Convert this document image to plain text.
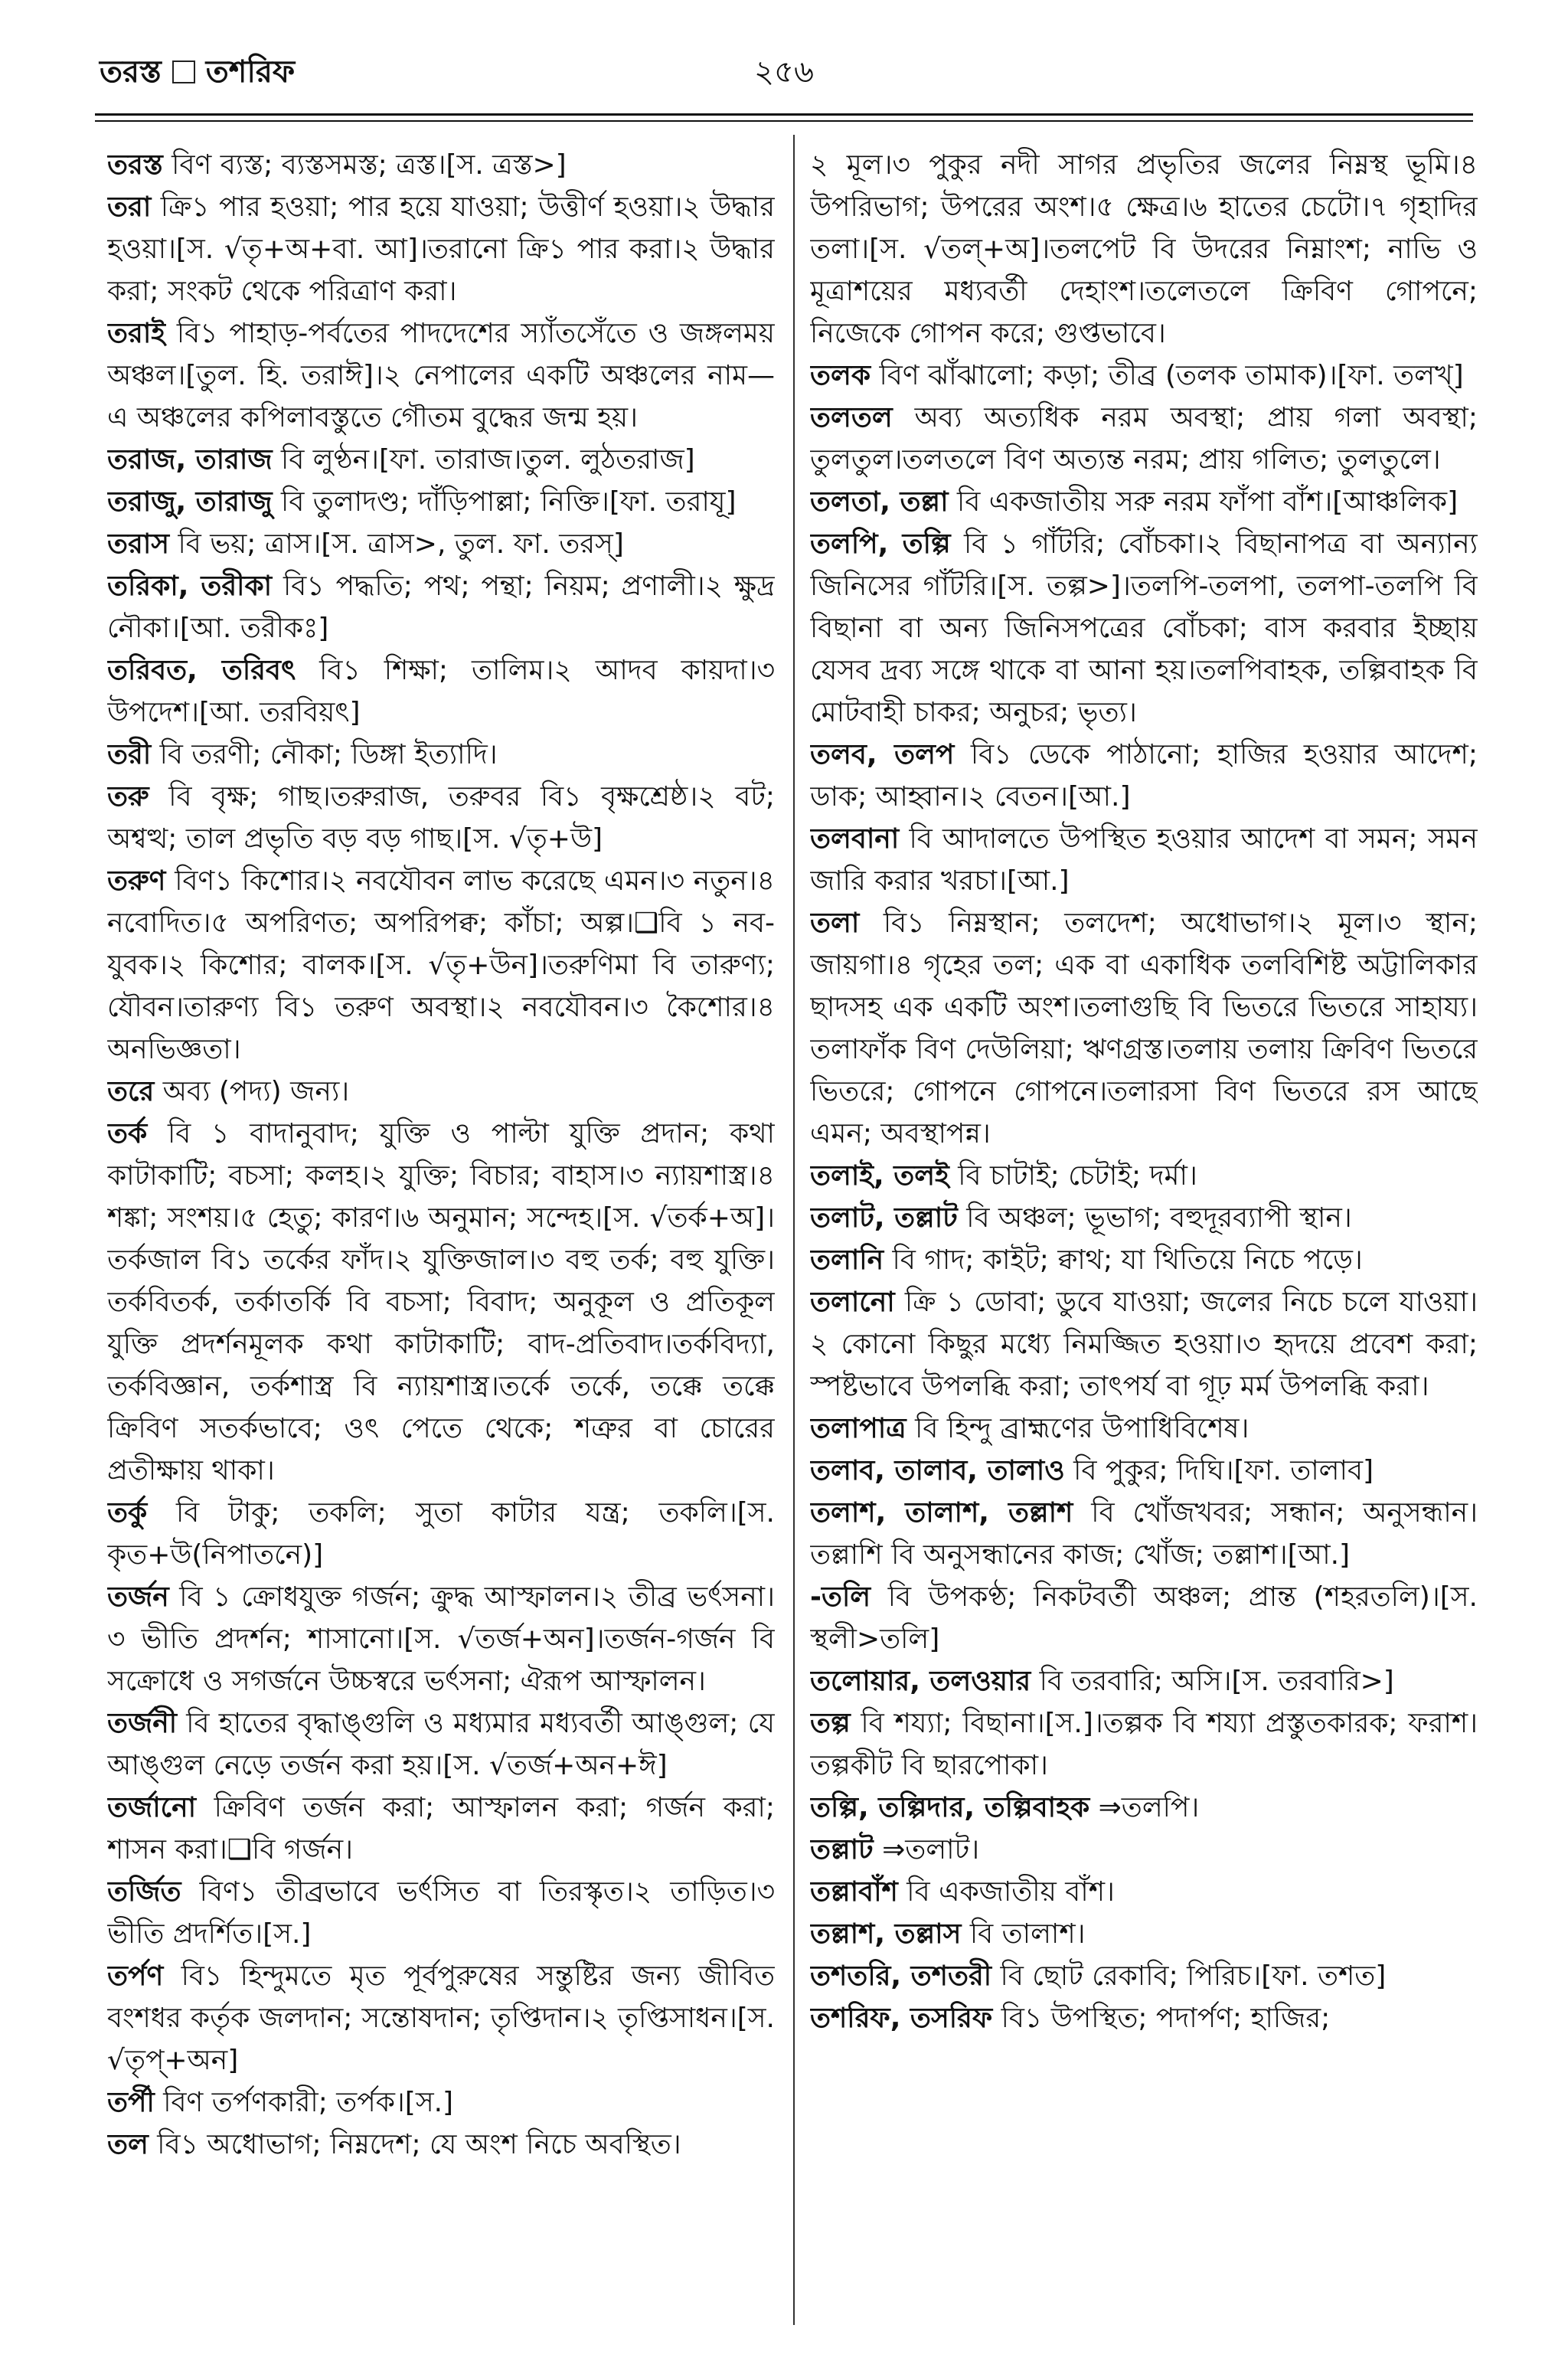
তরস্ত তশরিফ	২৫৬

তরস্ত বিণ ব্যস্ত; ব্যস্তসমস্ত; ত্রস্ত।[স. ত্রস্ত>]

তরা ক্রি১ পার হওয়া; পার হয়ে যাওয়া; উত্তীর্ণ হওয়া।২ উদ্ধার হওয়া।[স. √তৃ+অ+বা. আ]।তরানো ক্রি১ পার করা।২ উদ্ধার করা; সংকট থেকে পরিত্রাণ করা।

তরাই বি১ পাহাড়-পর্বতের পাদদেশের স্যাঁতসেঁতে ও জঙ্গলময় অঞ্চল।[তুল. হি. তরাঈ]।২ নেপালের একটি অঞ্চলের নাম—এ অঞ্চলের কপিলাবস্তুতে গৌতম বুদ্ধের জন্ম হয়।

তরাজ, তারাজ বি লুণ্ঠন।[ফা. তারাজ।তুল. লুঠতরাজ]

তরাজু, তারাজু বি তুলাদণ্ড; দাঁড়িপাল্লা; নিক্তি।[ফা. তরাযূ]

তরাস বি ভয়; ত্রাস।[স. ত্রাস>, তুল. ফা. তরস্]

তরিকা, তরীকা বি১ পদ্ধতি; পথ; পন্থা; নিয়ম; প্রণালী।২ ক্ষুদ্র নৌকা।[আ. তরীকঃ]

তরিবত, তরিবৎ বি১ শিক্ষা; তালিম।২ আদব কায়দা।৩ উপদেশ।[আ. তরবিয়ৎ]

তরী বি তরণী; নৌকা; ডিঙ্গা ইত্যাদি।

তরু বি বৃক্ষ; গাছ।তরুরাজ, তরুবর বি১ বৃক্ষশ্রেষ্ঠ।২ বট; অশ্বত্থ; তাল প্রভৃতি বড় বড় গাছ।[স. √তৃ+উ]

তরুণ বিণ১ কিশোর।২ নবযৌবন লাভ করেছে এমন।৩ নতুন।৪ নবোদিত।৫ অপরিণত; অপরিপক্ব; কাঁচা; অল্প।❑বি ১ নব-যুবক।২ কিশোর; বালক।[স. √তৃ+উন]।তরুণিমা বি তারুণ্য; যৌবন।তারুণ্য বি১ তরুণ অবস্থা।২ নবযৌবন।৩ কৈশোর।৪ অনভিজ্ঞতা।

তরে অব্য (পদ্য) জন্য।

তর্ক বি ১ বাদানুবাদ; যুক্তি ও পাল্টা যুক্তি প্রদান; কথা কাটাকাটি; বচসা; কলহ।২ যুক্তি; বিচার; বাহাস।৩ ন্যায়শাস্ত্র।৪ শঙ্কা; সংশয়।৫ হেতু; কারণ।৬ অনুমান; সন্দেহ।[স. √তর্ক+অ]।তর্কজাল বি১ তর্কের ফাঁদ।২ যুক্তিজাল।৩ বহু তর্ক; বহু যুক্তি।তর্কবিতর্ক, তর্কাতর্কি বি বচসা; বিবাদ; অনুকূল ও প্রতিকূল যুক্তি প্রদর্শনমূলক কথা কাটাকাটি; বাদ-প্রতিবাদ।তর্কবিদ্যা, তর্কবিজ্ঞান, তর্কশাস্ত্র বি ন্যায়শাস্ত্র।তর্কে তর্কে, তক্কে তক্কে ক্রিবিণ সতর্কভাবে; ওৎ পেতে থেকে; শত্রুর বা চোরের প্রতীক্ষায় থাকা।

তর্কু বি টাকু; তকলি; সুতা কাটার যন্ত্র; তকলি।[স. কৃত+উ(নিপাতনে)]

তর্জন বি ১ ক্রোধযুক্ত গর্জন; ক্রুদ্ধ আস্ফালন।২ তীব্র ভর্ৎসনা।৩ ভীতি প্রদর্শন; শাসানো।[স. √তর্জ+অন]।তর্জন-গর্জন বি সক্রোধে ও সগর্জনে উচ্চস্বরে ভর্ৎসনা; ঐরূপ আস্ফালন।

তর্জনী বি হাতের বৃদ্ধাঙ্গুলি ও মধ্যমার মধ্যবর্তী আঙ্গুল; যে আঙ্গুল নেড়ে তর্জন করা হয়।[স. √তর্জ+অন+ঈ]

তর্জানো ক্রিবিণ তর্জন করা; আস্ফালন করা; গর্জন করা; শাসন করা।❑বি গর্জন।

তর্জিত বিণ১ তীব্রভাবে ভর্ৎসিত বা তিরস্কৃত।২ তাড়িত।৩ ভীতি প্রদর্শিত।[স.]

তর্পণ বি১ হিন্দুমতে মৃত পূর্বপুরুষের সন্তুষ্টির জন্য জীবিত বংশধর কর্তৃক জলদান; সন্তোষদান; তৃপ্তিদান।২ তৃপ্তিসাধন।[স. √তৃপ্+অন]

তর্পী বিণ তর্পণকারী; তর্পক।[স.]

তল বি১ অধোভাগ; নিম্নদেশ; যে অংশ নিচে অবস্থিত।

২ মূল।৩ পুকুর নদী সাগর প্রভৃতির জলের নিম্নস্থ ভূমি।৪ উপরিভাগ; উপরের অংশ।৫ ক্ষেত্র।৬ হাতের চেটো।৭ গৃহাদির তলা।[স. √তল্+অ]।তলপেট বি উদরের নিম্নাংশ; নাভি ও মূত্রাশয়ের মধ্যবর্তী দেহাংশ।তলেতলে ক্রিবিণ গোপনে; নিজেকে গোপন করে; গুপ্তভাবে।

তলক বিণ ঝাঁঝালো; কড়া; তীব্র (তলক তামাক)।[ফা. তলখ্]

তলতল অব্য অত্যধিক নরম অবস্থা; প্রায় গলা অবস্থা; তুলতুল।তলতলে বিণ অত্যন্ত নরম; প্রায় গলিত; তুলতুলে।

তলতা, তল্লা বি একজাতীয় সরু নরম ফাঁপা বাঁশ।[আঞ্চলিক]

তলপি, তল্পি বি ১ গাঁটরি; বোঁচকা।২ বিছানাপত্র বা অন্যান্য জিনিসের গাঁটরি।[স. তল্প>]।তলপি-তলপা, তলপা-তলপি বি বিছানা বা অন্য জিনিসপত্রের বোঁচকা; বাস করবার ইচ্ছায় যেসব দ্রব্য সঙ্গে থাকে বা আনা হয়।তলপিবাহক, তল্পিবাহক বি মোটবাহী চাকর; অনুচর; ভৃত্য।

তলব, তলপ বি১ ডেকে পাঠানো; হাজির হওয়ার আদেশ; ডাক; আহ্বান।২ বেতন।[আ.]

তলবানা বি আদালতে উপস্থিত হওয়ার আদেশ বা সমন; সমন জারি করার খরচা।[আ.]

তলা বি১ নিম্নস্থান; তলদেশ; অধোভাগ।২ মূল।৩ স্থান; জায়গা।৪ গৃহের তল; এক বা একাধিক তলবিশিষ্ট অট্টালিকার ছাদসহ এক একটি অংশ।তলাগুছি বি ভিতরে ভিতরে সাহায্য।তলাফাঁক বিণ দেউলিয়া; ঋণগ্রস্ত।তলায় তলায় ক্রিবিণ ভিতরে ভিতরে; গোপনে গোপনে।তলারসা বিণ ভিতরে রস আছে এমন; অবস্থাপন্ন।

তলাই, তলই বি চাটাই; চেটাই; দর্মা।

তলাট, তল্লাট বি অঞ্চল; ভূভাগ; বহুদূরব্যাপী স্থান।

তলানি বি গাদ; কাইট; ক্বাথ; যা থিতিয়ে নিচে পড়ে।

তলানো ক্রি ১ ডোবা; ডুবে যাওয়া; জলের নিচে চলে যাওয়া।২ কোনো কিছুর মধ্যে নিমজ্জিত হওয়া।৩ হৃদয়ে প্রবেশ করা; স্পষ্টভাবে উপলব্ধি করা; তাৎপর্য বা গূঢ় মর্ম উপলব্ধি করা।

তলাপাত্র বি হিন্দু ব্রাহ্মণের উপাধিবিশেষ।

তলাব, তালাব, তালাও বি পুকুর; দিঘি।[ফা. তালাব]

তলাশ, তালাশ, তল্লাশ বি খোঁজখবর; সন্ধান; অনুসন্ধান।তল্লাশি বি অনুসন্ধানের কাজ; খোঁজ; তল্লাশ।[আ.]

-তলি বি উপকণ্ঠ; নিকটবর্তী অঞ্চল; প্রান্ত (শহরতলি)।[স. স্থলী>তলি]

তলোয়ার, তলওয়ার বি তরবারি; অসি।[স. তরবারি>]

তল্প বি শয্যা; বিছানা।[স.]।তল্পক বি শয্যা প্রস্তুতকারক; ফরাশ।তল্পকীট বি ছারপোকা।

তল্পি, তল্পিদার, তল্পিবাহক ⇒তলপি।

তল্লাট ⇒তলাট।

তল্লাবাঁশ বি একজাতীয় বাঁশ।

তল্লাশ, তল্লাস বি তালাশ।

তশতরি, তশতরী বি ছোট রেকাবি; পিরিচ।[ফা. তশত]

তশরিফ, তসরিফ বি১ উপস্থিত; পদার্পণ; হাজির;
